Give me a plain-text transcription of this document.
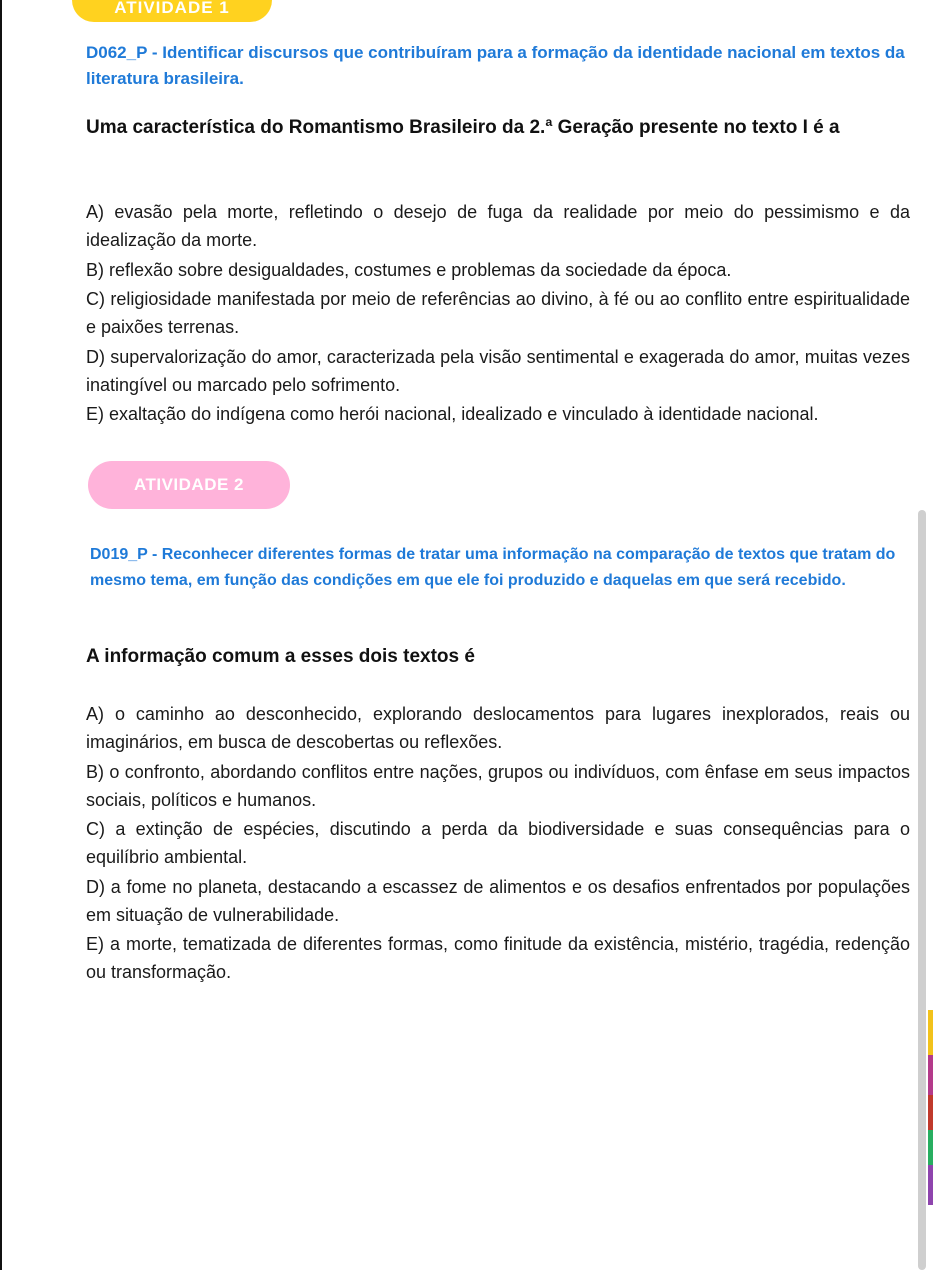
ATIVIDADE 1
D062_P - Identificar discursos que contribuíram para a formação da identidade nacional em textos da literatura brasileira.
Uma característica do Romantismo Brasileiro da 2.ª Geração presente no texto I é a
A) evasão pela morte, refletindo o desejo de fuga da realidade por meio do pessimismo e da idealização da morte.
B) reflexão sobre desigualdades, costumes e problemas da sociedade da época.
C) religiosidade manifestada por meio de referências ao divino, à fé ou ao conflito entre espiritualidade e paixões terrenas.
D) supervalorização do amor, caracterizada pela visão sentimental e exagerada do amor, muitas vezes inatingível ou marcado pelo sofrimento.
E) exaltação do indígena como herói nacional, idealizado e vinculado à identidade nacional.
ATIVIDADE 2
D019_P - Reconhecer diferentes formas de tratar uma informação na comparação de textos que tratam do mesmo tema, em função das condições em que ele foi produzido e daquelas em que será recebido.
A informação comum a esses dois textos é
A) o caminho ao desconhecido, explorando deslocamentos para lugares inexplorados, reais ou imaginários, em busca de descobertas ou reflexões.
B) o confronto, abordando conflitos entre nações, grupos ou indivíduos, com ênfase em seus impactos sociais, políticos e humanos.
C) a extinção de espécies, discutindo a perda da biodiversidade e suas consequências para o equilíbrio ambiental.
D) a fome no planeta, destacando a escassez de alimentos e os desafios enfrentados por populações em situação de vulnerabilidade.
E) a morte, tematizada de diferentes formas, como finitude da existência, mistério, tragédia, redenção ou transformação.
